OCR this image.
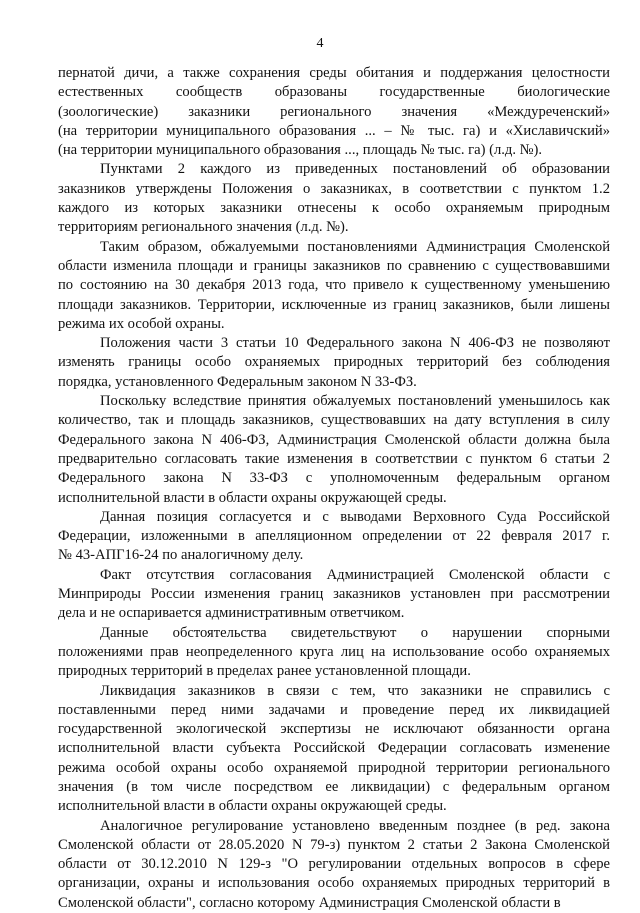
4

пернатой дичи, а также сохранения среды обитания и поддержания целостности
естественных сообществ образованы государственные биологические
(зоологические) заказники регионального значения «Междуреченский»
(на территории муниципального образования ... – № тыс. га) и «Хиславичский»
(на территории муниципального образования ..., площадь № тыс. га) (л.д. №).

Пунктами 2 каждого из приведенных постановлений об образовании
заказников утверждены Положения о заказниках, в соответствии с пунктом 1.2
каждого из которых заказники отнесены к особо охраняемым природным
территориям регионального значения (л.д. №).

Таким образом, обжалуемыми постановлениями Администрация Смоленской
области изменила площади и границы заказников по сравнению с существовавшими
по состоянию на 30 декабря 2013 года, что привело к существенному уменьшению
площади заказников. Территории, исключенные из границ заказников, были лишены
режима их особой охраны.

Положения части 3 статьи 10 Федерального закона N 406-ФЗ не позволяют
изменять границы особо охраняемых природных территорий без соблюдения
порядка, установленного Федеральным законом N 33-ФЗ.

Поскольку вследствие принятия обжалуемых постановлений уменьшилось как
количество, так и площадь заказников, существовавших на дату вступления в силу
Федерального закона N 406-ФЗ, Администрация Смоленской области должна была
предварительно согласовать такие изменения в соответствии с пунктом 6 статьи 2
Федерального закона N 33-ФЗ с уполномоченным федеральным органом
исполнительной власти в области охраны окружающей среды.

Данная позиция согласуется и с выводами Верховного Суда Российской
Федерации, изложенными в апелляционном определении от 22 февраля 2017 г.
№ 43-АПГ16-24 по аналогичному делу.

Факт отсутствия согласования Администрацией Смоленской области с
Минприроды России изменения границ заказников установлен при рассмотрении
дела и не оспаривается административным ответчиком.

Данные обстоятельства свидетельствуют о нарушении спорными
положениями прав неопределенного круга лиц на использование особо охраняемых
природных территорий в пределах ранее установленной площади.

Ликвидация заказников в связи с тем, что заказники не справились с
поставленными перед ними задачами и проведение перед их ликвидацией
государственной экологической экспертизы не исключают обязанности органа
исполнительной власти субъекта Российской Федерации согласовать изменение
режима особой охраны особо охраняемой природной территории регионального
значения (в том числе посредством ее ликвидации) с федеральным органом
исполнительной власти в области охраны окружающей среды.

Аналогичное регулирование установлено введенным позднее (в ред. закона
Смоленской области от 28.05.2020 N 79-з) пунктом 2 статьи 2 Закона Смоленской
области от 30.12.2010 N 129-з "О регулировании отдельных вопросов в сфере
организации, охраны и использования особо охраняемых природных территорий в
Смоленской области", согласно которому Администрация Смоленской области в
